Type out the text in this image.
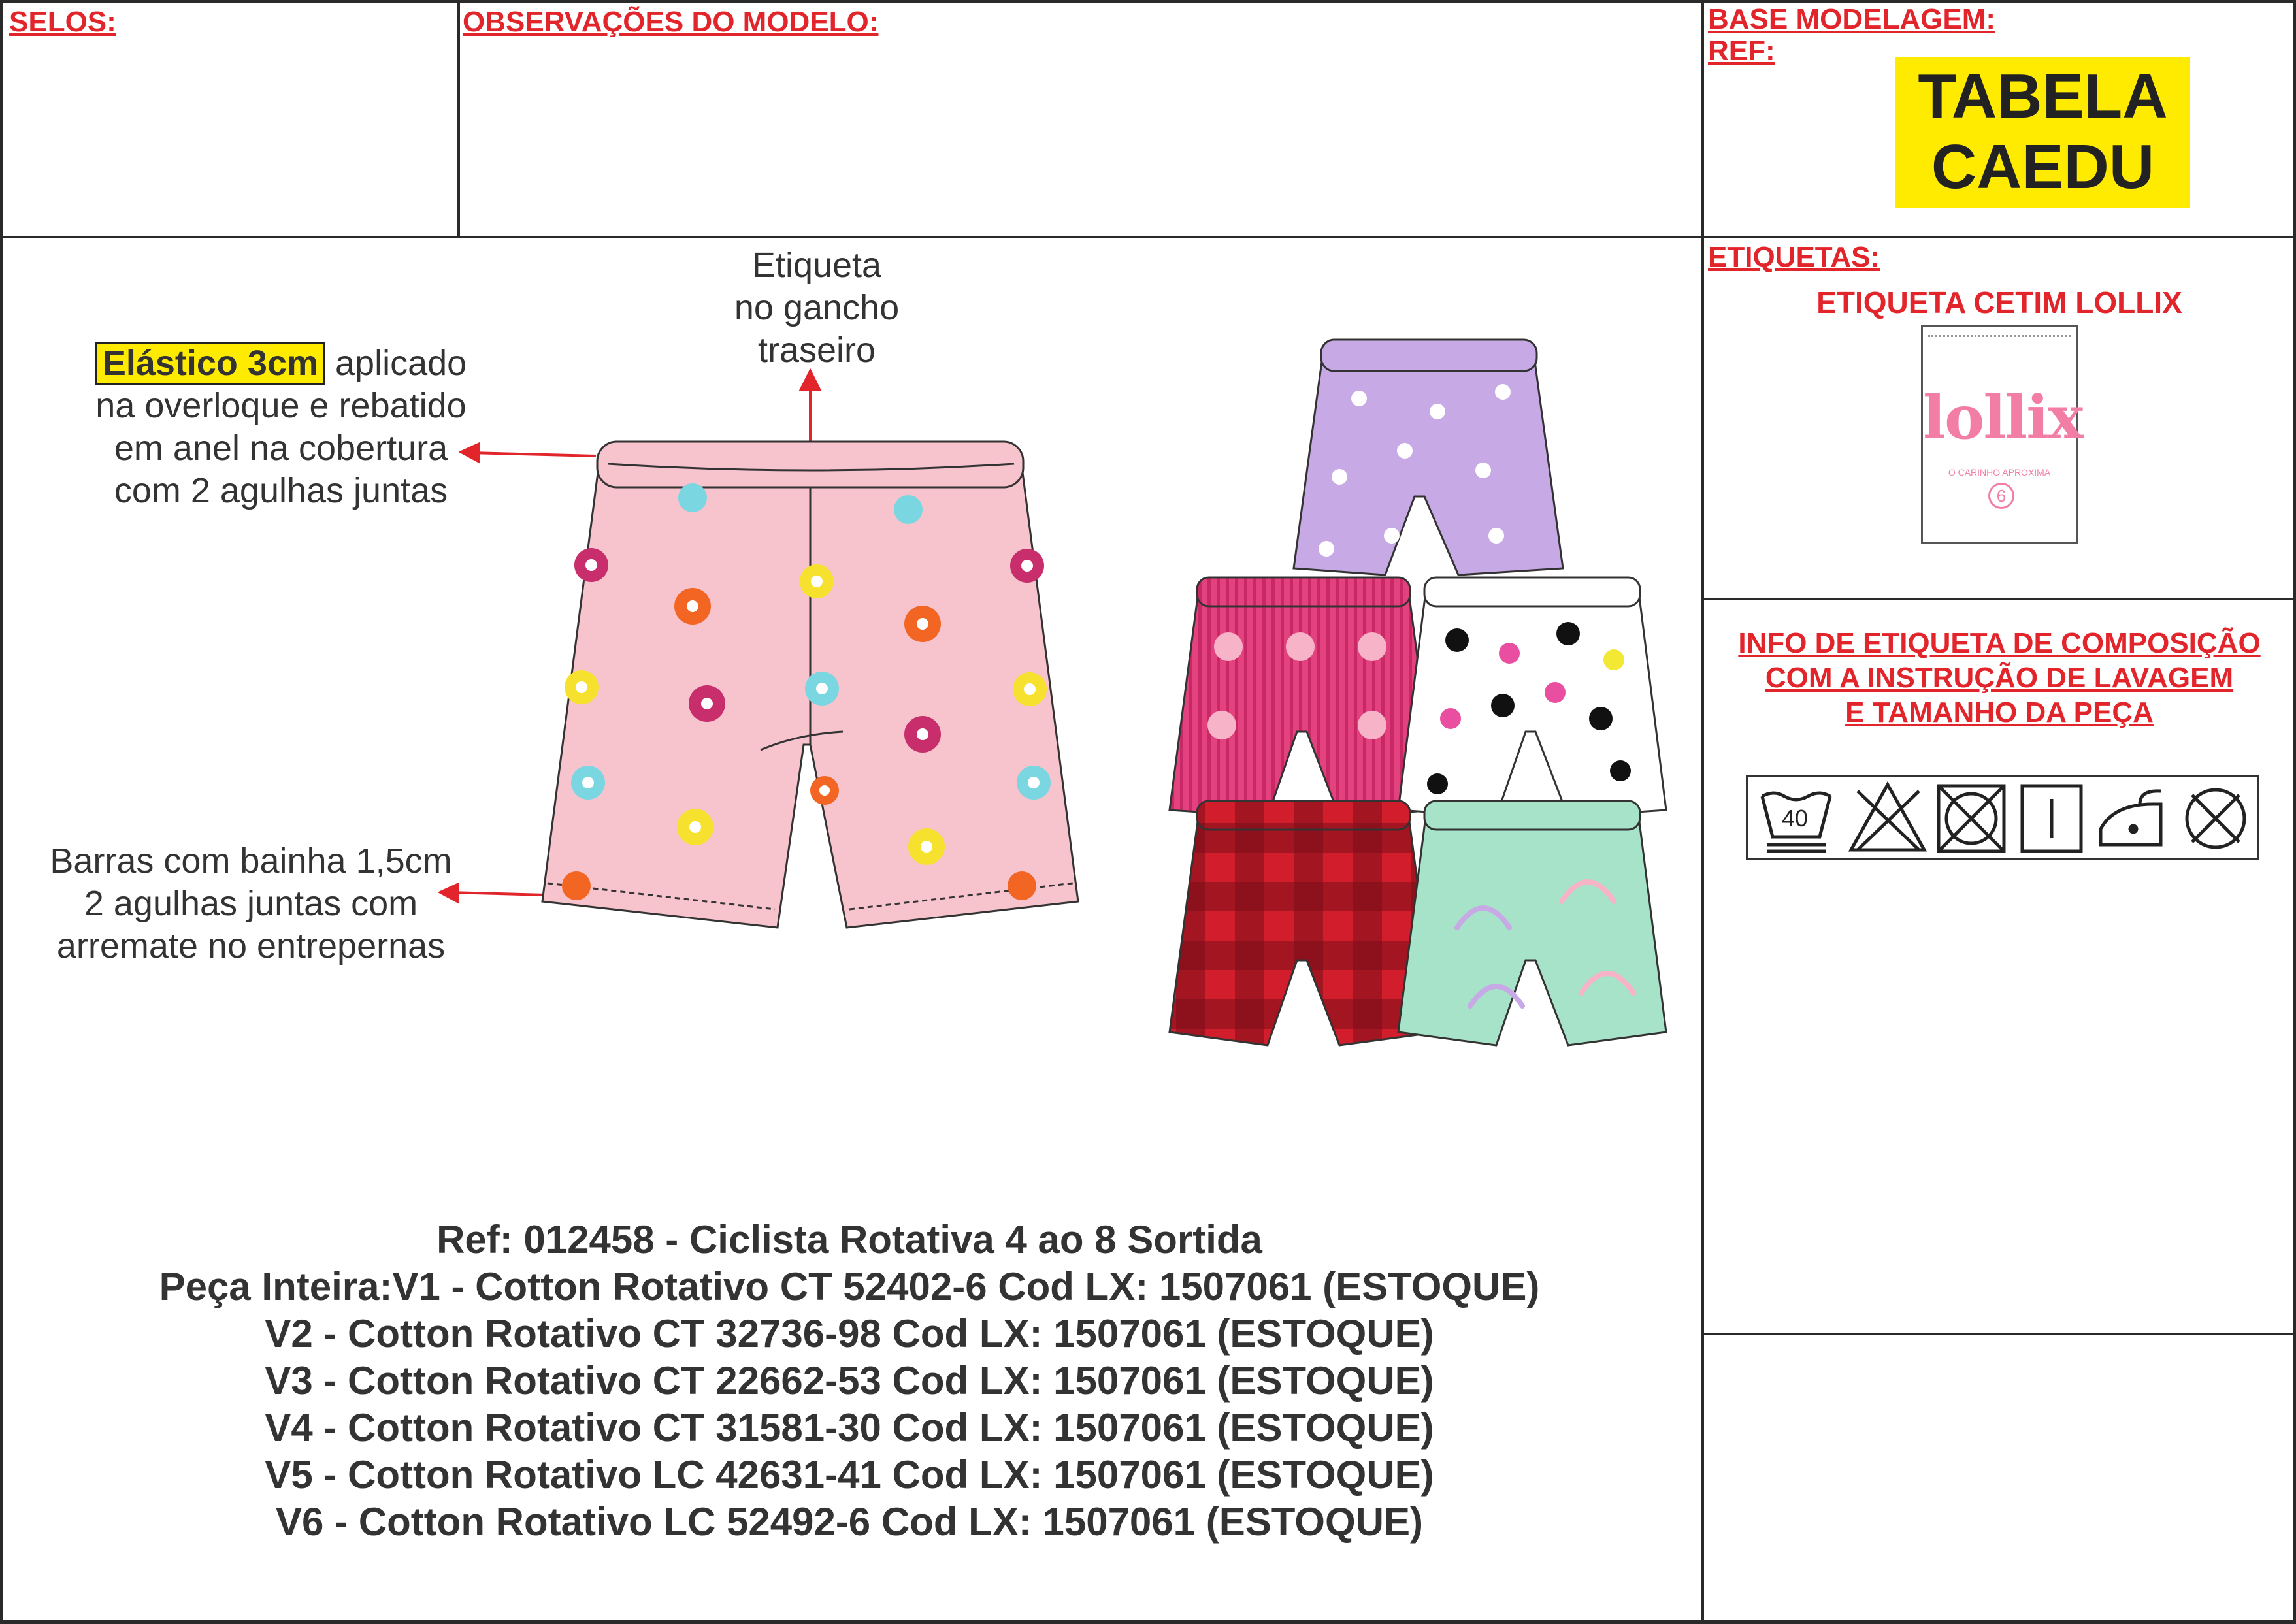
SELOS:	OBSERVAÇÕES DO MODELO:	BASE MODELAGEM:
REF:
TABELA
CAEDU
ETIQUETAS:
ETIQUETA CETIM LOLLIX
lollix
O CARINHO APROXIMA
6
INFO DE ETIQUETA DE COMPOSIÇÃO
COM A INSTRUÇÃO DE LAVAGEM
E TAMANHO DA PEÇA
40
Etiqueta
no gancho
traseiro
Elástico 3cm aplicado
na overloque e rebatido
em anel na cobertura
com 2 agulhas juntas
Barras com bainha 1,5cm
2 agulhas juntas com
arremate no entrepernas
Ref: 012458 - Ciclista Rotativa 4 ao 8 Sortida
Peça Inteira:V1 - Cotton Rotativo CT 52402-6 Cod LX: 1507061 (ESTOQUE)
V2 - Cotton Rotativo CT 32736-98 Cod LX: 1507061 (ESTOQUE)
V3 - Cotton Rotativo CT 22662-53 Cod LX: 1507061 (ESTOQUE)
V4 - Cotton Rotativo CT 31581-30 Cod LX: 1507061 (ESTOQUE)
V5 - Cotton Rotativo LC 42631-41 Cod LX: 1507061 (ESTOQUE)
V6 - Cotton Rotativo LC 52492-6 Cod LX: 1507061 (ESTOQUE)
